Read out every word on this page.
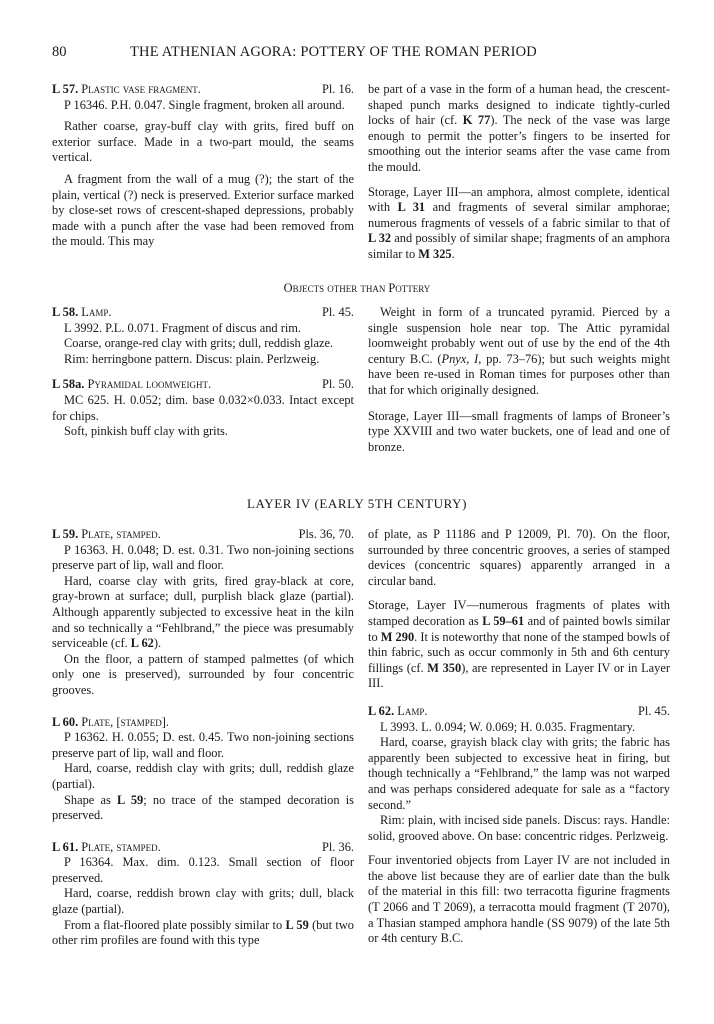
80	THE ATHENIAN AGORA: POTTERY OF THE ROMAN PERIOD
L 57. Plastic vase fragment.	Pl. 16.

P 16346. P.H. 0.047. Single fragment, broken all around.

Rather coarse, gray-buff clay with grits, fired buff on exterior surface. Made in a two-part mould, the seams vertical.

A fragment from the wall of a mug (?); the start of the plain, vertical (?) neck is preserved. Exterior surface marked by close-set rows of crescent-shaped depressions, probably made with a punch after the vase had been removed from the mould. This may

be part of a vase in the form of a human head, the crescent-shaped punch marks designed to indicate tightly-curled locks of hair (cf. K 77). The neck of the vase was large enough to permit the potter’s fingers to be inserted for smoothing out the interior seams after the vase came from the mould.

Storage, Layer III—an amphora, almost complete, identical with L 31 and fragments of several similar amphorae; numerous fragments of vessels of a fabric similar to that of L 32 and possibly of similar shape; fragments of an amphora similar to M 325.

Objects other than Pottery
L 58. Lamp.	Pl. 45.

L 3992. P.L. 0.071. Fragment of discus and rim.

Coarse, orange-red clay with grits; dull, reddish glaze.

Rim: herringbone pattern. Discus: plain. Perlzweig.

L 58a. Pyramidal loomweight.	Pl. 50.

MC 625. H. 0.052; dim. base 0.032×0.033. Intact except for chips.

Soft, pinkish buff clay with grits.

Weight in form of a truncated pyramid. Pierced by a single suspension hole near top. The Attic pyramidal loomweight probably went out of use by the end of the 4th century B.C. (Pnyx, I, pp. 73–76); but such weights might have been re-used in Roman times for purposes other than that for which originally designed.

Storage, Layer III—small fragments of lamps of Broneer’s type XXVIII and two water buckets, one of lead and one of bronze.

LAYER IV (EARLY 5TH CENTURY)
L 59. Plate, stamped.	Pls. 36, 70.

P 16363. H. 0.048; D. est. 0.31. Two non-joining sections preserve part of lip, wall and floor.

Hard, coarse clay with grits, fired gray-black at core, gray-brown at surface; dull, purplish black glaze (partial). Although apparently subjected to excessive heat in the kiln and so technically a “Fehlbrand,” the piece was presumably serviceable (cf. L 62).

On the floor, a pattern of stamped palmettes (of which only one is preserved), surrounded by four concentric grooves.

L 60. Plate, [stamped].

P 16362. H. 0.055; D. est. 0.45. Two non-joining sections preserve part of lip, wall and floor.

Hard, coarse, reddish clay with grits; dull, reddish glaze (partial).

Shape as L 59; no trace of the stamped decoration is preserved.

L 61. Plate, stamped.	Pl. 36.

P 16364. Max. dim. 0.123. Small section of floor preserved.

Hard, coarse, reddish brown clay with grits; dull, black glaze (partial).

From a flat-floored plate possibly similar to L 59 (but two other rim profiles are found with this type

of plate, as P 11186 and P 12009, Pl. 70). On the floor, surrounded by three concentric grooves, a series of stamped devices (concentric squares) apparently arranged in a circular band.

Storage, Layer IV—numerous fragments of plates with stamped decoration as L 59–61 and of painted bowls similar to M 290. It is noteworthy that none of the stamped bowls of thin fabric, such as occur commonly in 5th and 6th century fillings (cf. M 350), are represented in Layer IV or in Layer III.

L 62. Lamp.	Pl. 45.

L 3993. L. 0.094; W. 0.069; H. 0.035. Fragmentary.

Hard, coarse, grayish black clay with grits; the fabric has apparently been subjected to excessive heat in firing, but though technically a “Fehlbrand,” the lamp was not warped and was perhaps considered adequate for sale as a “factory second.”

Rim: plain, with incised side panels. Discus: rays. Handle: solid, grooved above. On base: concentric ridges. Perlzweig.

Four inventoried objects from Layer IV are not included in the above list because they are of earlier date than the bulk of the material in this fill: two terracotta figurine fragments (T 2066 and T 2069), a terracotta mould fragment (T 2070), a Thasian stamped amphora handle (SS 9079) of the late 5th or 4th century B.C.
